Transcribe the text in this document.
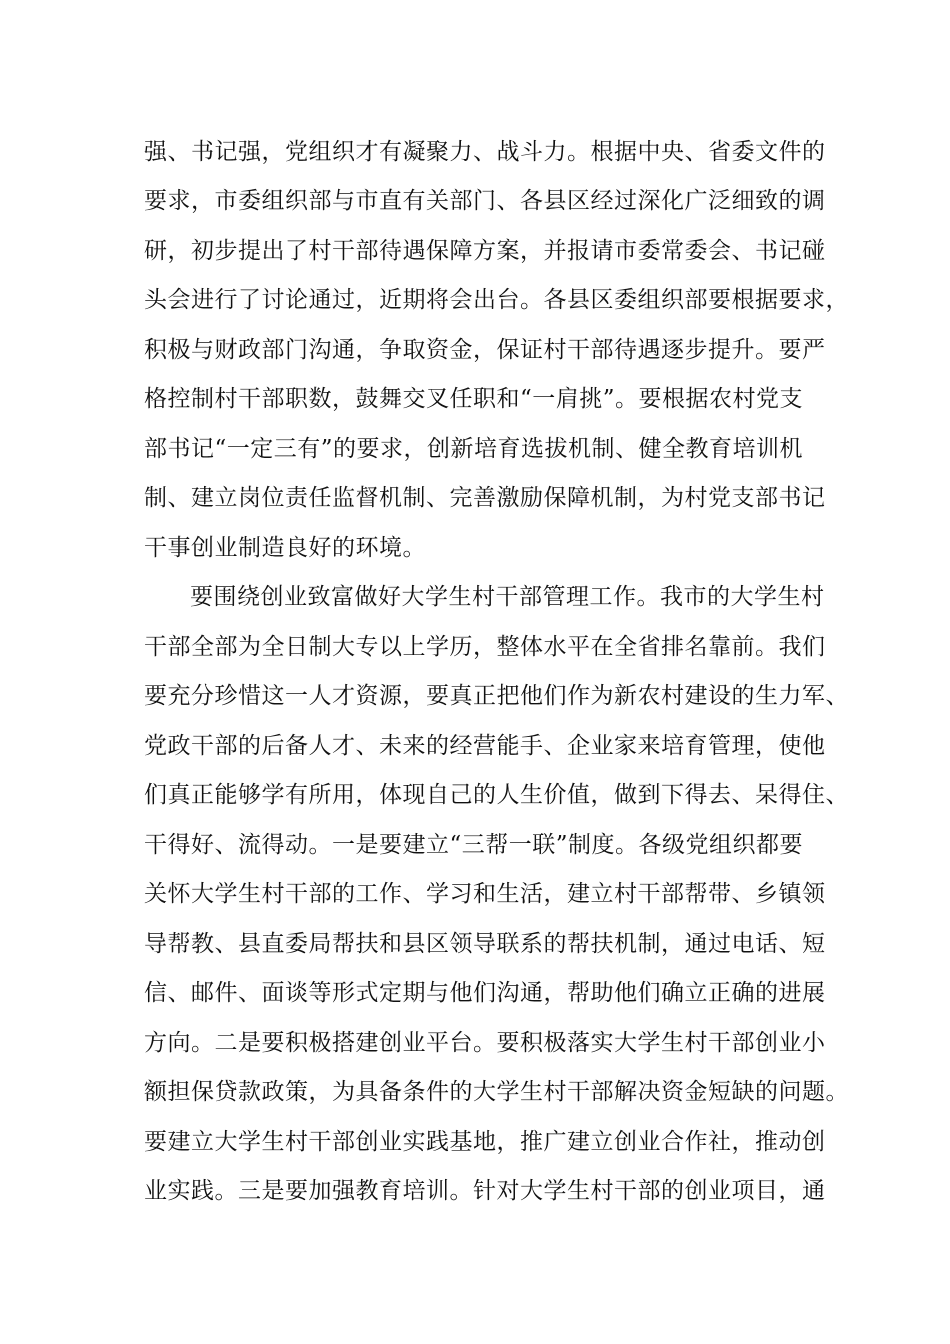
强、书记强，党组织才有凝聚力、战斗力。根据中央、省委文件的

要求，市委组织部与市直有关部门、各县区经过深化广泛细致的调

研，初步提出了村干部待遇保障方案，并报请市委常委会、书记碰

头会进行了讨论通过，近期将会出台。各县区委组织部要根据要求，

积极与财政部门沟通，争取资金，保证村干部待遇逐步提升。要严

格控制村干部职数，鼓舞交叉任职和“一肩挑”。要根据农村党支

部书记“一定三有”的要求，创新培育选拔机制、健全教育培训机

制、建立岗位责任监督机制、完善激励保障机制，为村党支部书记

干事创业制造良好的环境。

要围绕创业致富做好大学生村干部管理工作。我市的大学生村

干部全部为全日制大专以上学历，整体水平在全省排名靠前。我们

要充分珍惜这一人才资源，要真正把他们作为新农村建设的生力军、

党政干部的后备人才、未来的经营能手、企业家来培育管理，使他

们真正能够学有所用，体现自己的人生价值，做到下得去、呆得住、

干得好、流得动。一是要建立“三帮一联”制度。各级党组织都要

关怀大学生村干部的工作、学习和生活，建立村干部帮带、乡镇领

导帮教、县直委局帮扶和县区领导联系的帮扶机制，通过电话、短

信、邮件、面谈等形式定期与他们沟通，帮助他们确立正确的进展

方向。二是要积极搭建创业平台。要积极落实大学生村干部创业小

额担保贷款政策，为具备条件的大学生村干部解决资金短缺的问题。

要建立大学生村干部创业实践基地，推广建立创业合作社，推动创

业实践。三是要加强教育培训。针对大学生村干部的创业项目，通
